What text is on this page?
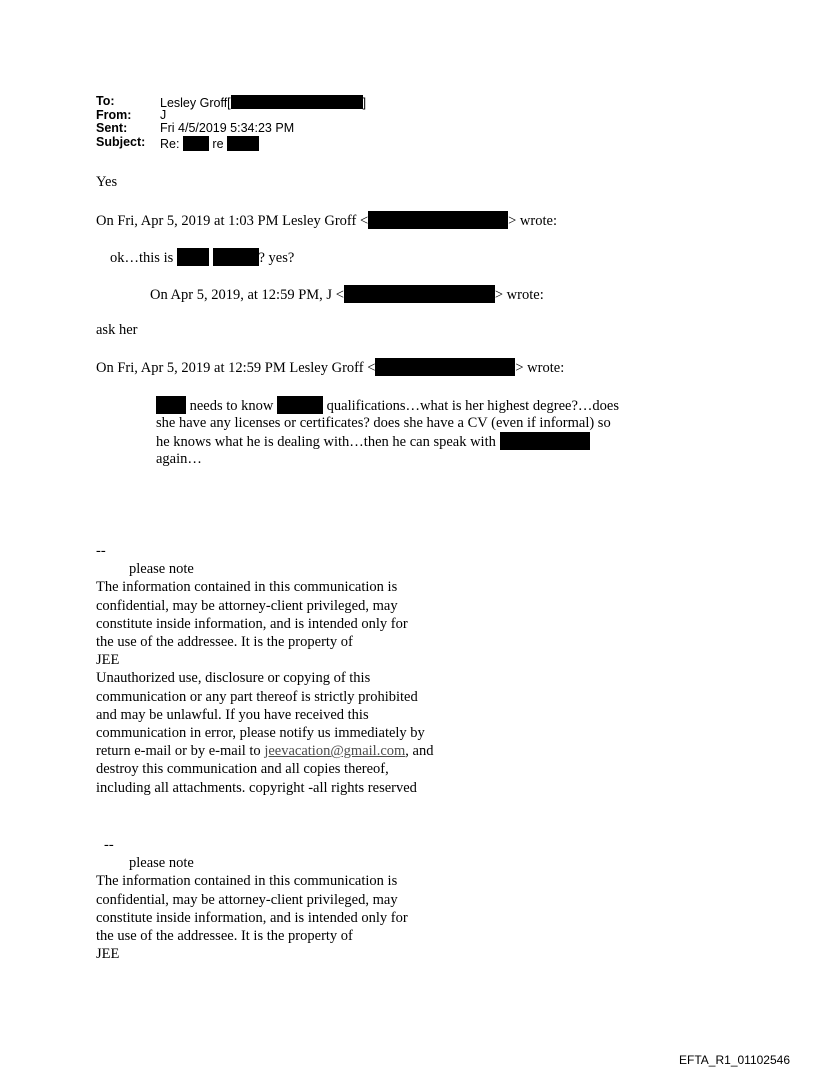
To:	Lesley Groff[	]
From:	J
Sent:	Fri 4/5/2019 5:34:23 PM
Subject:	Re:	re
Yes
On Fri, Apr 5, 2019 at 1:03 PM Lesley Groff <	> wrote:
ok…this is	? yes?
On Apr 5, 2019, at 12:59 PM, J <	> wrote:
ask her
On Fri, Apr 5, 2019 at 12:59 PM Lesley Groff <	> wrote:
needs to know	qualifications…what is her highest degree?…does
she have any licenses or certificates? does she have a CV (even if informal) so
he knows what he is dealing with…then he can speak with
again…
--
please note
The information contained in this communication is
confidential, may be attorney-client privileged, may
constitute inside information, and is intended only for
the use of the addressee. It is the property of
JEE
Unauthorized use, disclosure or copying of this
communication or any part thereof is strictly prohibited
and may be unlawful. If you have received this
communication in error, please notify us immediately by
return e-mail or by e-mail to jeevacation@gmail.com, and
destroy this communication and all copies thereof,
including all attachments. copyright -all rights reserved
--
please note
The information contained in this communication is
confidential, may be attorney-client privileged, may
constitute inside information, and is intended only for
the use of the addressee. It is the property of
JEE
EFTA_R1_01102546
